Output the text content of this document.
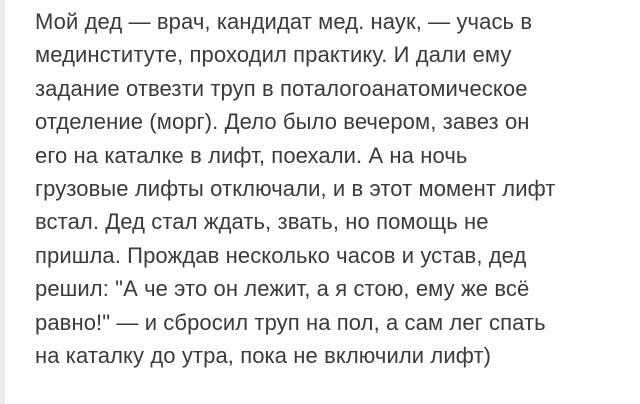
Мой дед — врач, кандидат мед. наук, — учась в

мединституте, проходил практику. И дали ему

задание отвезти труп в поталогоанатомическое

отделение (морг). Дело было вечером, завез он

его на каталке в лифт, поехали. А на ночь

грузовые лифты отключали, и в этот момент лифт

встал. Дед стал ждать, звать, но помощь не

пришла. Прождав несколько часов и устав, дед

решил: "А че это он лежит, а я стою, ему же всё

равно!" — и сбросил труп на пол, а сам лег спать

на каталку до утра, пока не включили лифт)
